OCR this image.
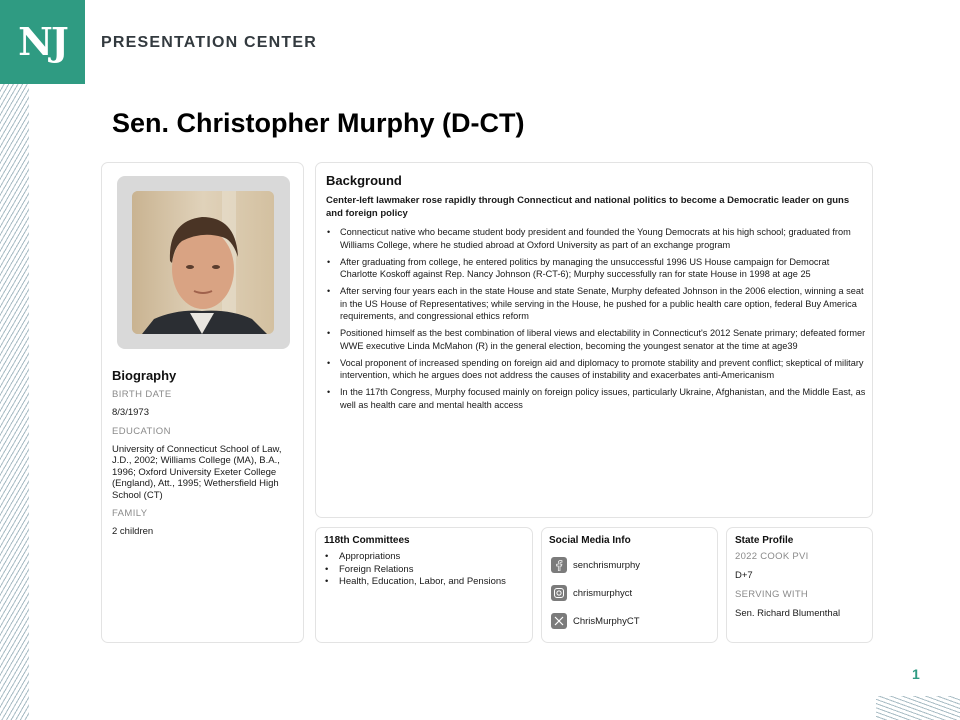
NJ PRESENTATION CENTER
Sen. Christopher Murphy (D-CT)
Biography
BIRTH DATE
8/3/1973
EDUCATION
University of Connecticut School of Law, J.D., 2002; Williams College (MA), B.A., 1996; Oxford University Exeter College (England), Att., 1995; Wethersfield High School (CT)
FAMILY
2 children
Background
Center-left lawmaker rose rapidly through Connecticut and national politics to become a Democratic leader on guns and foreign policy
• Connecticut native who became student body president and founded the Young Democrats at his high school; graduated from Williams College, where he studied abroad at Oxford University as part of an exchange program
• After graduating from college, he entered politics by managing the unsuccessful 1996 US House campaign for Democrat Charlotte Koskoff against Rep. Nancy Johnson (R-CT-6); Murphy successfully ran for state House in 1998 at age 25
• After serving four years each in the state House and state Senate, Murphy defeated Johnson in the 2006 election, winning a seat in the US House of Representatives; while serving in the House, he pushed for a public health care option, federal Buy America requirements, and congressional ethics reform
• Positioned himself as the best combination of liberal views and electability in Connecticut's 2012 Senate primary; defeated former WWE executive Linda McMahon (R) in the general election, becoming the youngest senator at the time at age39
• Vocal proponent of increased spending on foreign aid and diplomacy to promote stability and prevent conflict; skeptical of military intervention, which he argues does not address the causes of instability and exacerbates anti-Americanism
• In the 117th Congress, Murphy focused mainly on foreign policy issues, particularly Ukraine, Afghanistan, and the Middle East, as well as health care and mental health access
118th Committees
• Appropriations
• Foreign Relations
• Health, Education, Labor, and Pensions
Social Media Info
senchrismurphy
chrismurphyct
ChrisMurphyCT
State Profile
2022 COOK PVI
D+7
SERVING WITH
Sen. Richard Blumenthal
1
